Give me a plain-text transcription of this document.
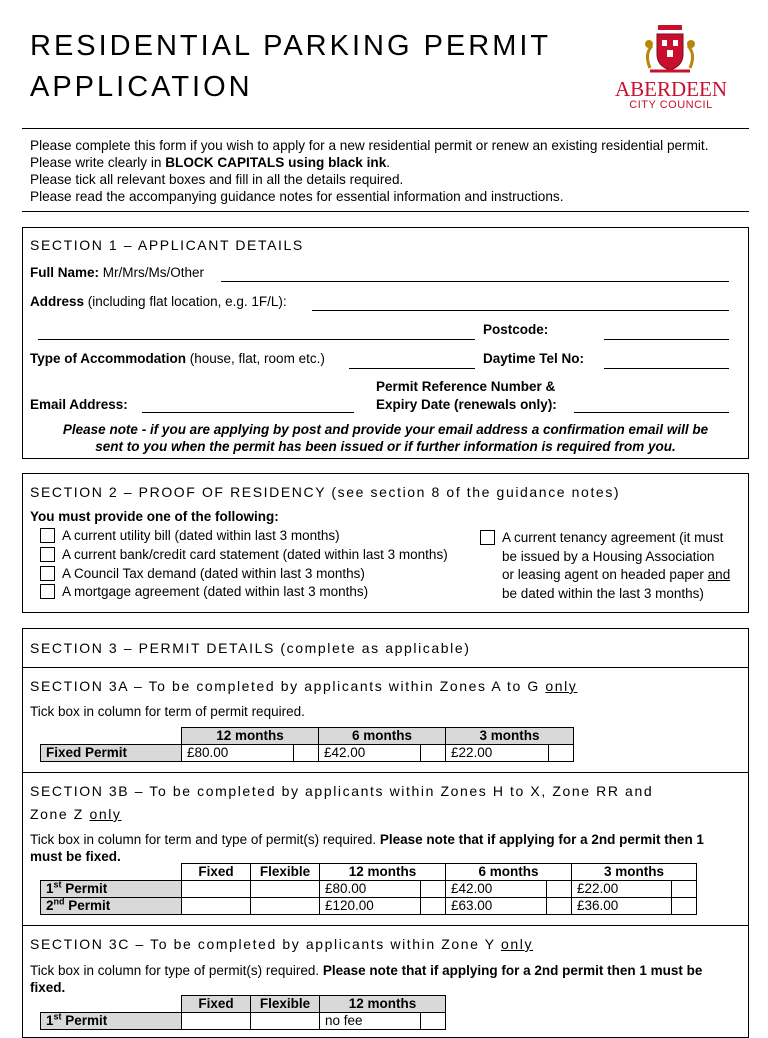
RESIDENTIAL PARKING PERMIT
APPLICATION	ABERDEEN
CITY COUNCIL
Please complete this form if you wish to apply for a new residential permit or renew an existing residential permit.
Please write clearly in BLOCK CAPITALS using black ink.
Please tick all relevant boxes and fill in all the details required.
Please read the accompanying guidance notes for essential information and instructions.
SECTION 1 – APPLICANT DETAILS
Full Name: Mr/Mrs/Ms/Other
Address (including flat location, e.g. 1F/L):
Postcode:
Type of Accommodation (house, flat, room etc.)	Daytime Tel No:
Permit Reference Number &
Expiry Date (renewals only):
Email Address:
Please note - if you are applying by post and provide your email address a confirmation email will be
sent to you when the permit has been issued or if further information is required from you.
SECTION 2 – PROOF OF RESIDENCY (see section 8 of the guidance notes)
You must provide one of the following:
A current utility bill (dated within last 3 months)
A current bank/credit card statement (dated within last 3 months)
A Council Tax demand (dated within last 3 months)
A mortgage agreement (dated within last 3 months)
A current tenancy agreement (it must
be issued by a Housing Association
or leasing agent on headed paper and
be dated within the last 3 months)
SECTION 3 – PERMIT DETAILS (complete as applicable)
SECTION 3A – To be completed by applicants within Zones A to G only
Tick box in column for term of permit required.
	12 months		6 months		3 months	
Fixed Permit	£80.00		£42.00		£22.00	
SECTION 3B – To be completed by applicants within Zones H to X, Zone RR and
Zone Z only
Tick box in column for term and type of permit(s) required. Please note that if applying for a 2nd permit then 1
must be fixed.
	Fixed	Flexible	12 months		6 months		3 months	
1st Permit			£80.00		£42.00		£22.00	
2nd Permit			£120.00		£63.00		£36.00	
SECTION 3C – To be completed by applicants within Zone Y only
Tick box in column for type of permit(s) required. Please note that if applying for a 2nd permit then 1 must be
fixed.
	Fixed	Flexible	12 months	
1st Permit			no fee	
